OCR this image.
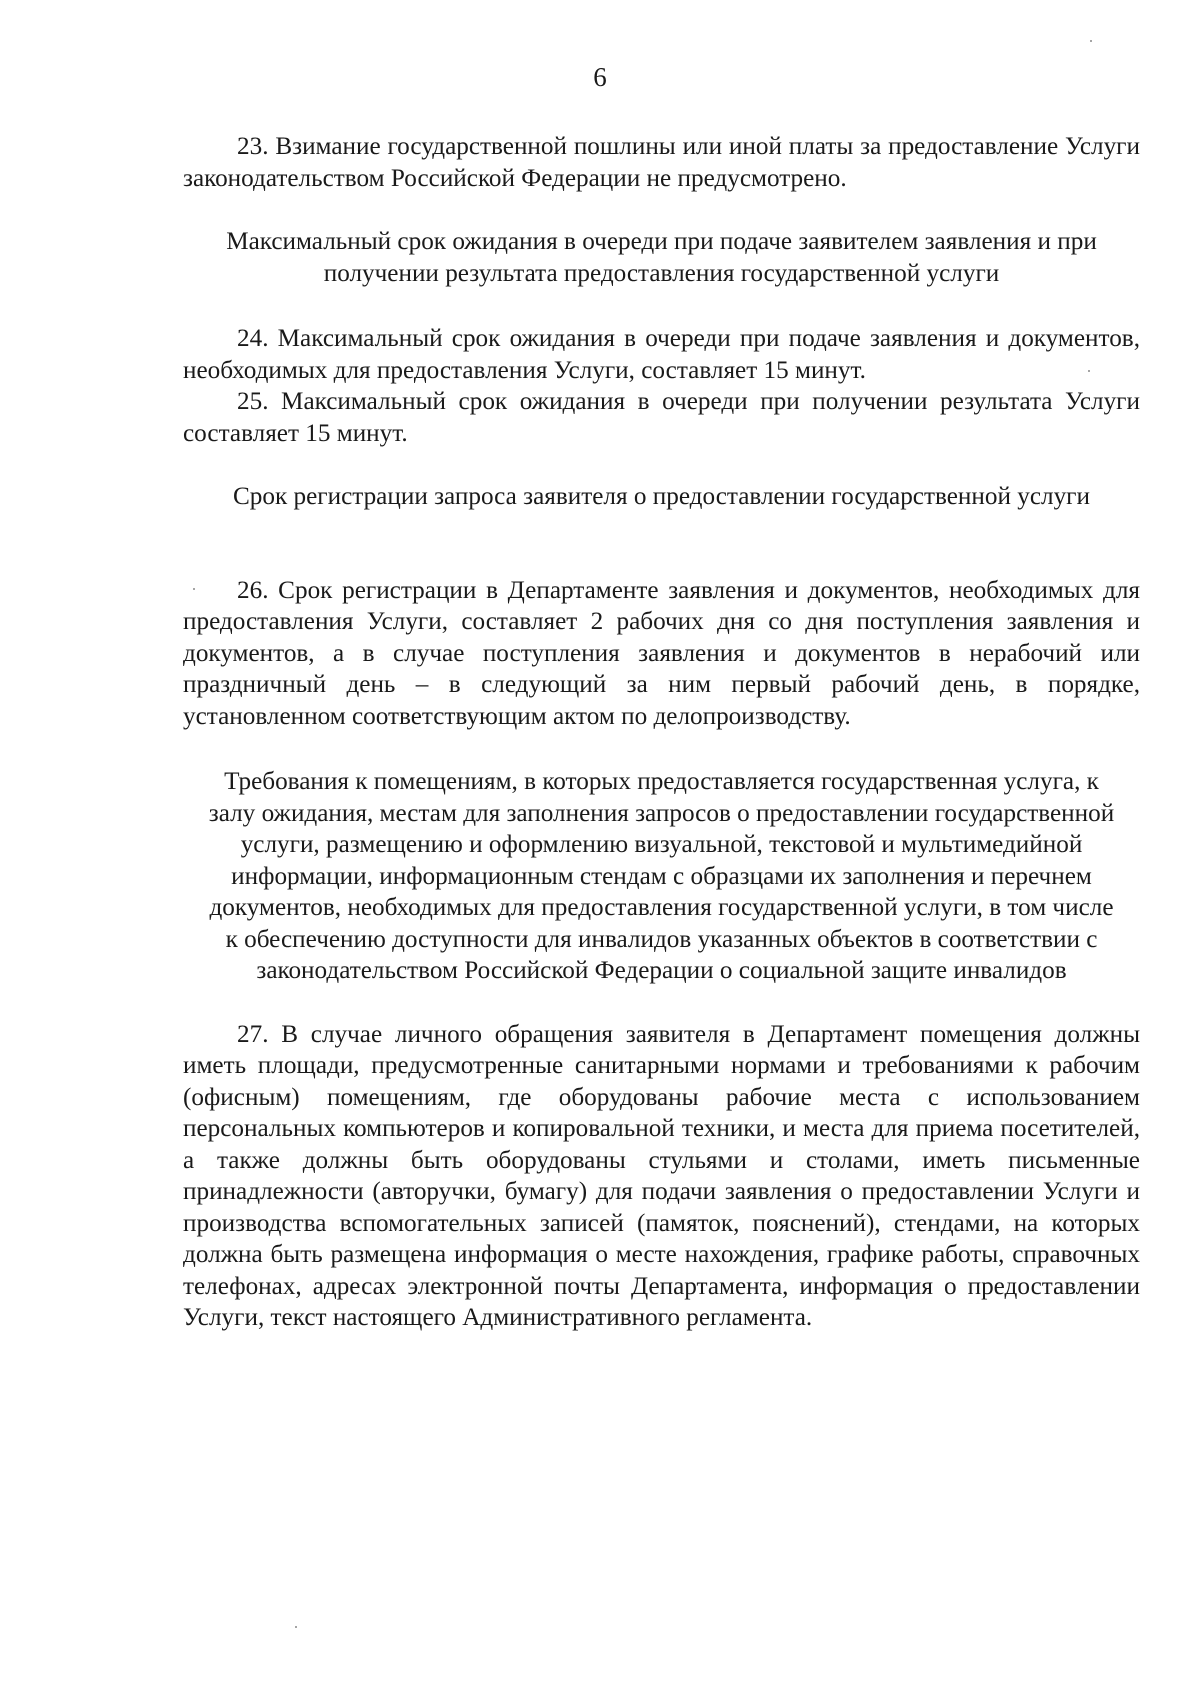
6

23. Взимание государственной пошлины или иной платы за предоставление Услуги законодательством Российской Федерации не предусмотрено.

Максимальный срок ожидания в очереди при подаче заявителем заявления и при получении результата предоставления государственной услуги

24. Максимальный срок ожидания в очереди при подаче заявления и документов, необходимых для предоставления Услуги, составляет 15 минут.

25. Максимальный срок ожидания в очереди при получении результата Услуги составляет 15 минут.

Срок регистрации запроса заявителя о предоставлении государственной услуги

26. Срок регистрации в Департаменте заявления и документов, необходимых для предоставления Услуги, составляет 2 рабочих дня со дня поступления заявления и документов, а в случае поступления заявления и документов в нерабочий или праздничный день – в следующий за ним первый рабочий день, в порядке, установленном соответствующим актом по делопроизводству.

Требования к помещениям, в которых предоставляется государственная услуга, к залу ожидания, местам для заполнения запросов о предоставлении государственной услуги, размещению и оформлению визуальной, текстовой и мультимедийной информации, информационным стендам с образцами их заполнения и перечнем документов, необходимых для предоставления государственной услуги, в том числе к обеспечению доступности для инвалидов указанных объектов в соответствии с законодательством Российской Федерации о социальной защите инвалидов

27. В случае личного обращения заявителя в Департамент помещения должны иметь площади, предусмотренные санитарными нормами и требованиями к рабочим (офисным) помещениям, где оборудованы рабочие места с использованием персональных компьютеров и копировальной техники, и места для приема посетителей, а также должны быть оборудованы стульями и столами, иметь письменные принадлежности (авторучки, бумагу) для подачи заявления о предоставлении Услуги и производства вспомогательных записей (памяток, пояснений), стендами, на которых должна быть размещена информация о месте нахождения, графике работы, справочных телефонах, адресах электронной почты Департамента, информация о предоставлении Услуги, текст настоящего Административного регламента.
